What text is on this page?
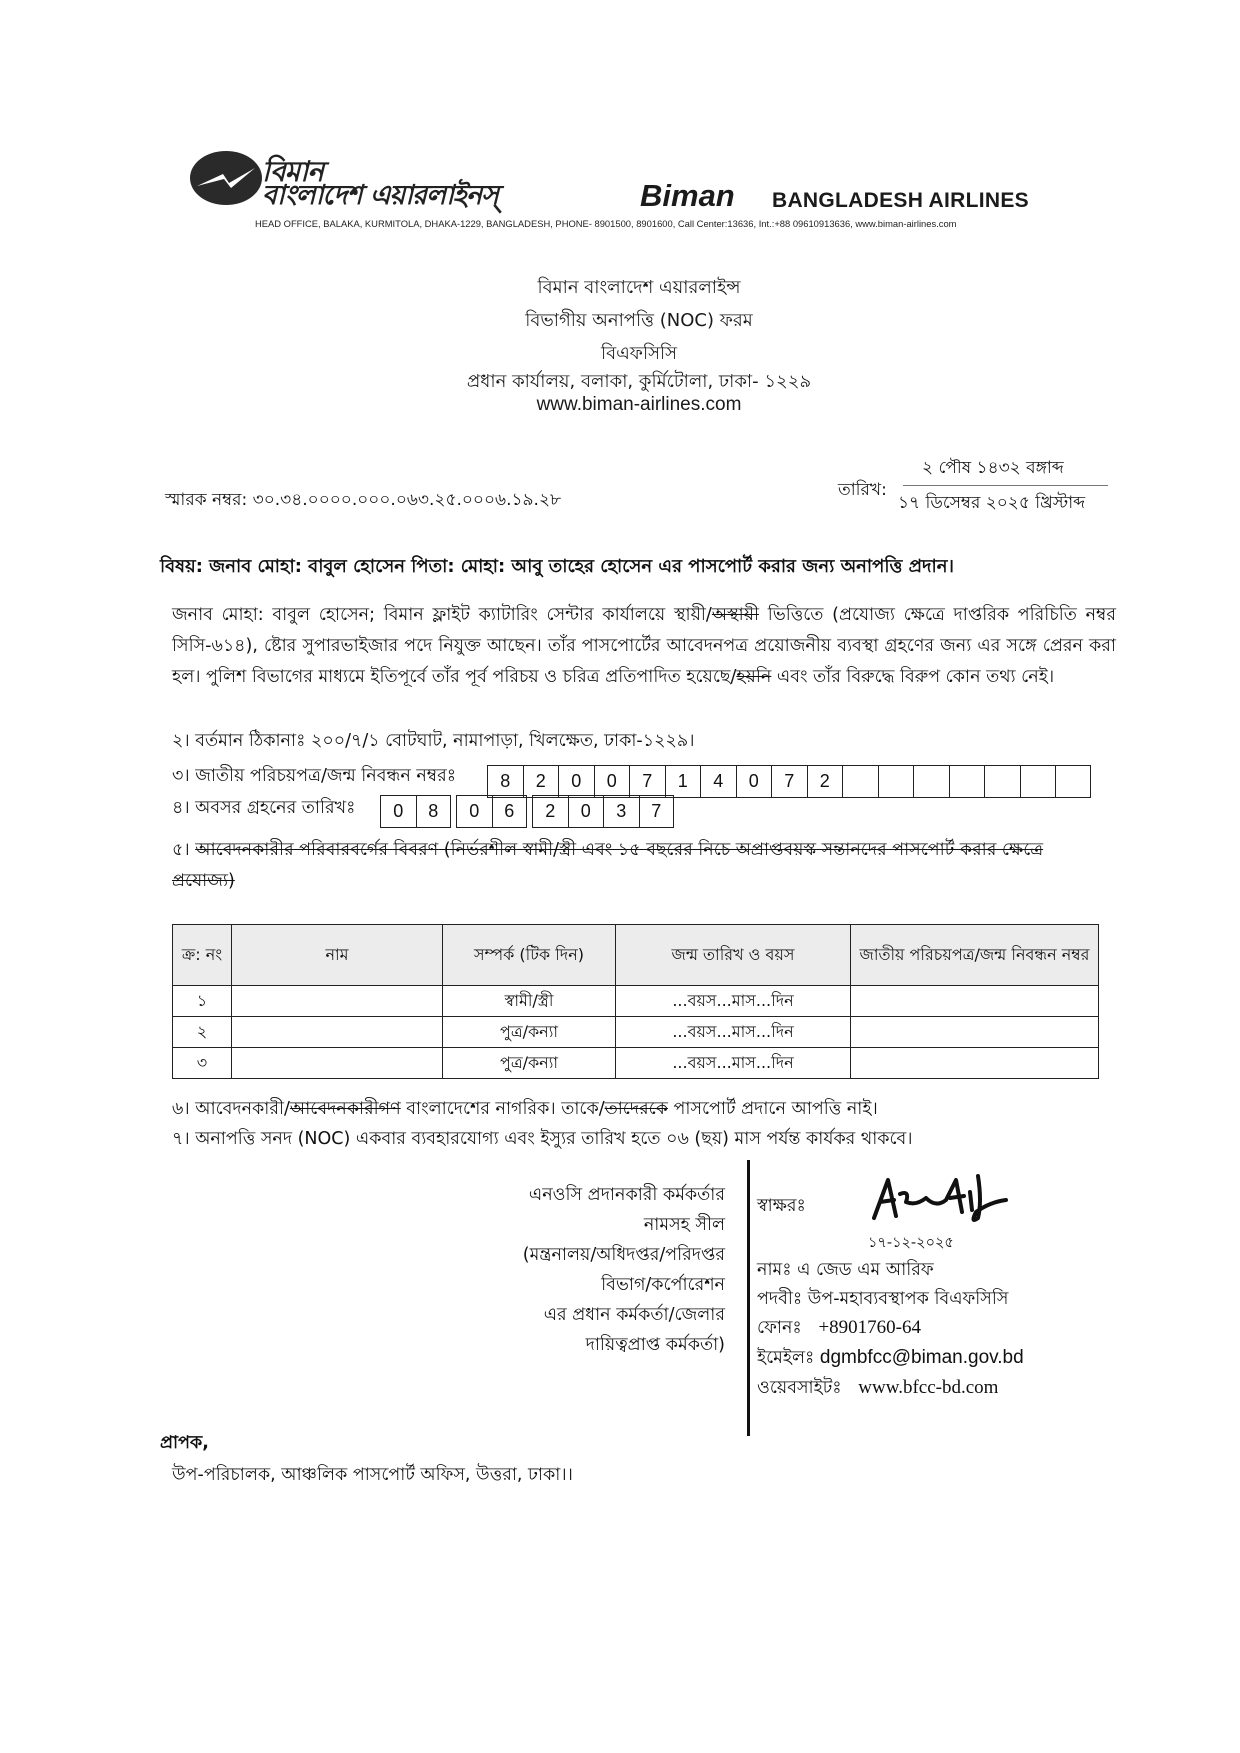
বিমান
বাংলাদেশ এয়ারলাইনস্	Biman BANGLADESH AIRLINES
HEAD OFFICE, BALAKA, KURMITOLA, DHAKA-1229, BANGLADESH, PHONE- 8901500, 8901600, Call Center:13636, Int.:+88 09610913636, www.biman-airlines.com
বিমান বাংলাদেশ এয়ারলাইন্স
বিভাগীয় অনাপত্তি (NOC) ফরম
বিএফসিসি
প্রধান কার্যালয়, বলাকা, কুর্মিটোলা, ঢাকা- ১২২৯
www.biman-airlines.com
স্মারক নম্বর: ৩০.৩৪.০০০০.০০০.০৬৩.২৫.০০০৬.১৯.২৮	তারিখ:
২ পৌষ ১৪৩২ বঙ্গাব্দ
১৭ ডিসেম্বর ২০২৫ খ্রিস্টাব্দ
বিষয়: জনাব মোহা: বাবুল হোসেন পিতা: মোহা: আবু তাহের হোসেন এর পাসপোর্ট করার জন্য অনাপত্তি প্রদান।
জনাব মোহা: বাবুল হোসেন; বিমান ফ্লাইট ক্যাটারিং সেন্টার কার্যালয়ে স্থায়ী/অস্থায়ী ভিত্তিতে (প্রযোজ্য ক্ষেত্রে দাপ্তরিক পরিচিতি নম্বর সিসি-৬১৪), ষ্টোর সুপারভাইজার পদে নিযুক্ত আছেন। তাঁর পাসপোর্টের আবেদনপত্র প্রয়োজনীয় ব্যবস্থা গ্রহণের জন্য এর সঙ্গে প্রেরন করা হল। পুলিশ বিভাগের মাধ্যমে ইতিপূর্বে তাঁর পূর্ব পরিচয় ও চরিত্র প্রতিপাদিত হয়েছে/হয়নি এবং তাঁর বিরুদ্ধে বিরুপ কোন তথ্য নেই।
২। বর্তমান ঠিকানাঃ ২০০/৭/১ বোটঘাট, নামাপাড়া, খিলক্ষেত, ঢাকা-১২২৯।
৩। জাতীয় পরিচয়পত্র/জন্ম নিবন্ধন নম্বরঃ	8	2	0	0	7	1	4	0	7	2
৪। অবসর গ্রহনের তারিখঃ	0	8	0	6	2	0	3	7
৫। আবেদনকারীর পরিবারবর্গের বিবরণ (নির্ভরশীল স্বামী/স্ত্রী এবং ১৫ বছরের নিচে অপ্রাপ্তবয়স্ক সন্তানদের পাসপোর্ট করার ক্ষেত্রে প্রযোজ্য)
ক্র: নং	নাম	সম্পর্ক (টিক দিন)	জন্ম তারিখ ও বয়স	জাতীয় পরিচয়পত্র/জন্ম নিবন্ধন নম্বর
১		স্বামী/স্ত্রী	...বয়স...মাস...দিন	
২		পুত্র/কন্যা	...বয়স...মাস...দিন	
৩		পুত্র/কন্যা	...বয়স...মাস...দিন	
৬। আবেদনকারী/আবেদনকারীগণ বাংলাদেশের নাগরিক। তাকে/তাদেরকে পাসপোর্ট প্রদানে আপত্তি নাই।
৭। অনাপত্তি সনদ (NOC) একবার ব্যবহারযোগ্য এবং ইস্যুর তারিখ হতে ০৬ (ছয়) মাস পর্যন্ত কার্যকর থাকবে।
এনওসি প্রদানকারী কর্মকর্তার
নামসহ সীল
(মন্ত্রনালয়/অধিদপ্তর/পরিদপ্তর
বিভাগ/কর্পোরেশন
এর প্রধান কর্মকর্তা/জেলার
দায়িত্বপ্রাপ্ত কর্মকর্তা)
স্বাক্ষরঃ
১৭-১২-২০২৫
নামঃ এ জেড এম আরিফ
পদবীঃ উপ-মহাব্যবস্থাপক বিএফসিসি
ফোনঃ +8901760-64
ইমেইলঃ dgmbfcc@biman.gov.bd
ওয়েবসাইটঃ www.bfcc-bd.com
প্রাপক,
উপ-পরিচালক, আঞ্চলিক পাসপোর্ট অফিস, উত্তরা, ঢাকা।।
